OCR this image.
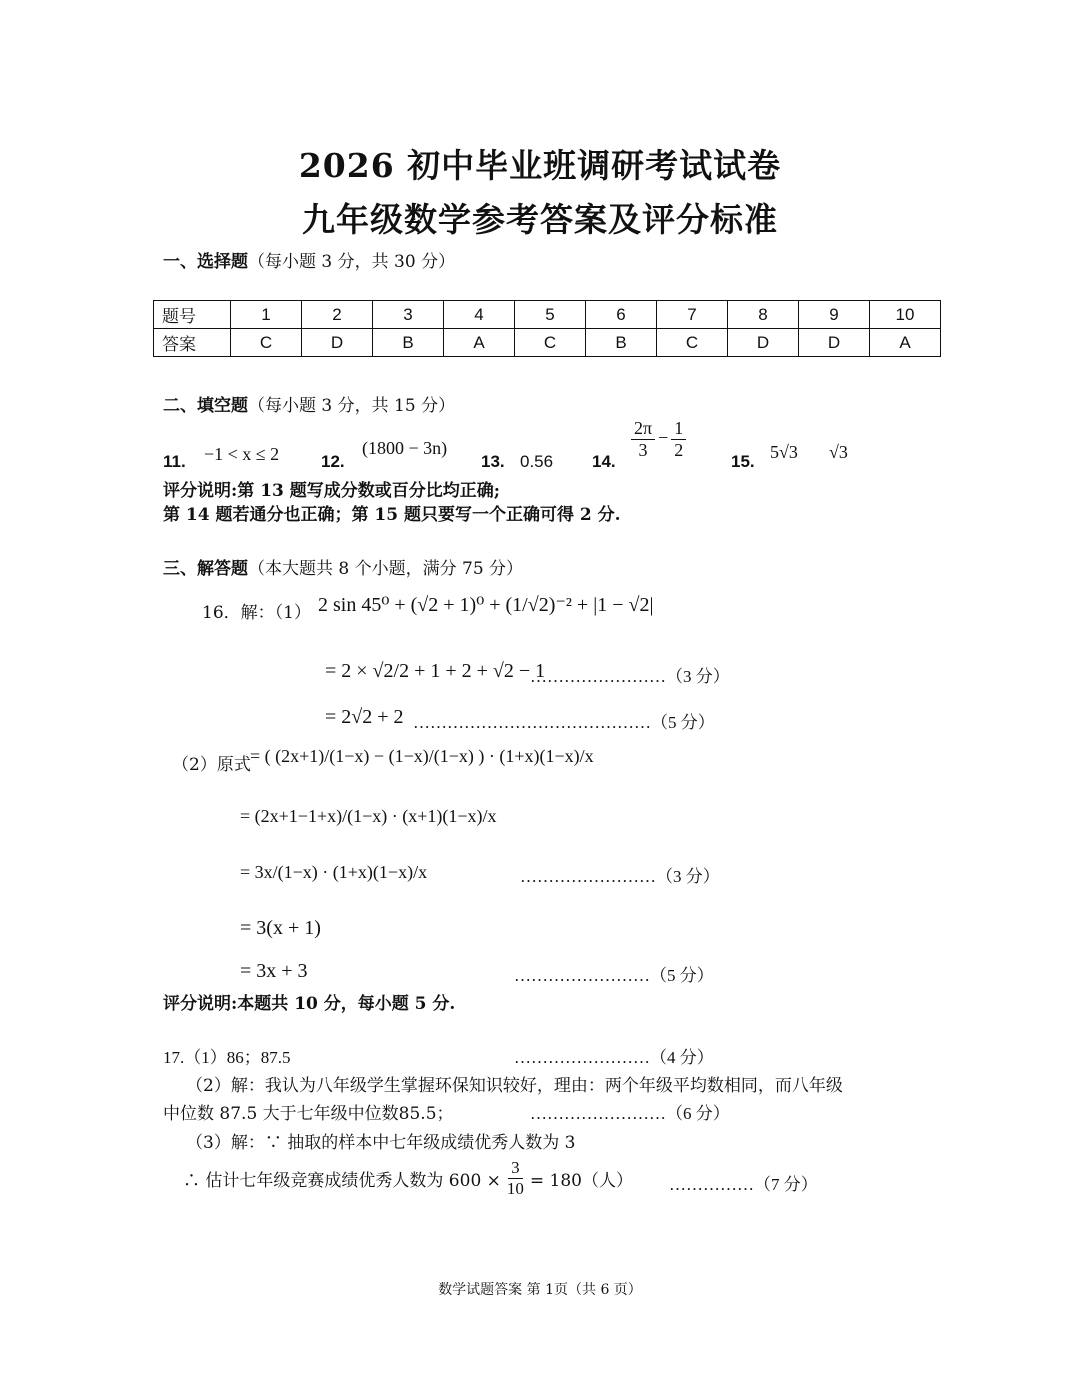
2026 初中毕业班调研考试试卷
九年级数学参考答案及评分标准
一、选择题（每小题 3 分，共 30 分）
题号	1	2	3	4	5	6	7	8	9	10
答案	C	D	B	A	C	B	C	D	D	A
二、填空题（每小题 3 分，共 15 分）
11. −1 < x ≤ 2 12.
(1800 − 3n)
13. 0.56 14.
$\frac{2\pi}{3} - \frac{1}{2}$
15. 5√3 √3
评分说明:第 13 题写成分数或百分比均正确;
第 14 题若通分也正确；第 15 题只要写一个正确可得 2 分.
三、解答题（本大题共 8 个小题，满分 75 分）
16．解：（1） 2 sin 45⁰ + (√2 + 1)⁰ + (1/√2)⁻² + |1 − √2|
= 2 × √2/2 + 1 + 2 + √2 − 1
……………………（3 分）
= 2√2 + 2 ……………………………………（5 分）
（2）原式 = ( (2x+1)/(1−x) − (1−x)/(1−x) ) · (1+x)(1−x)/x
= (2x+1−1+x)/(1−x) · (x+1)(1−x)/x
= 3x/(1−x) · (1+x)(1−x)/x	……………………（3 分）
= 3(x + 1)
= 3x + 3	……………………（5 分）
评分说明:本题共 10 分，每小题 5 分.
17.（1）86；87.5	……………………（4 分）
（2）解：我认为八年级学生掌握环保知识较好，理由：两个年级平均数相同，而八年级
中位数 87.5 大于七年级中位数85.5；	……………………（6 分）
（3）解：∵ 抽取的样本中七年级成绩优秀人数为 3
∴ 估计七年级竞赛成绩优秀人数为 $600 \times \frac{3}{10} = 180$（人） ……………（7 分）
数学试题答案 第 1页（共 6 页）
